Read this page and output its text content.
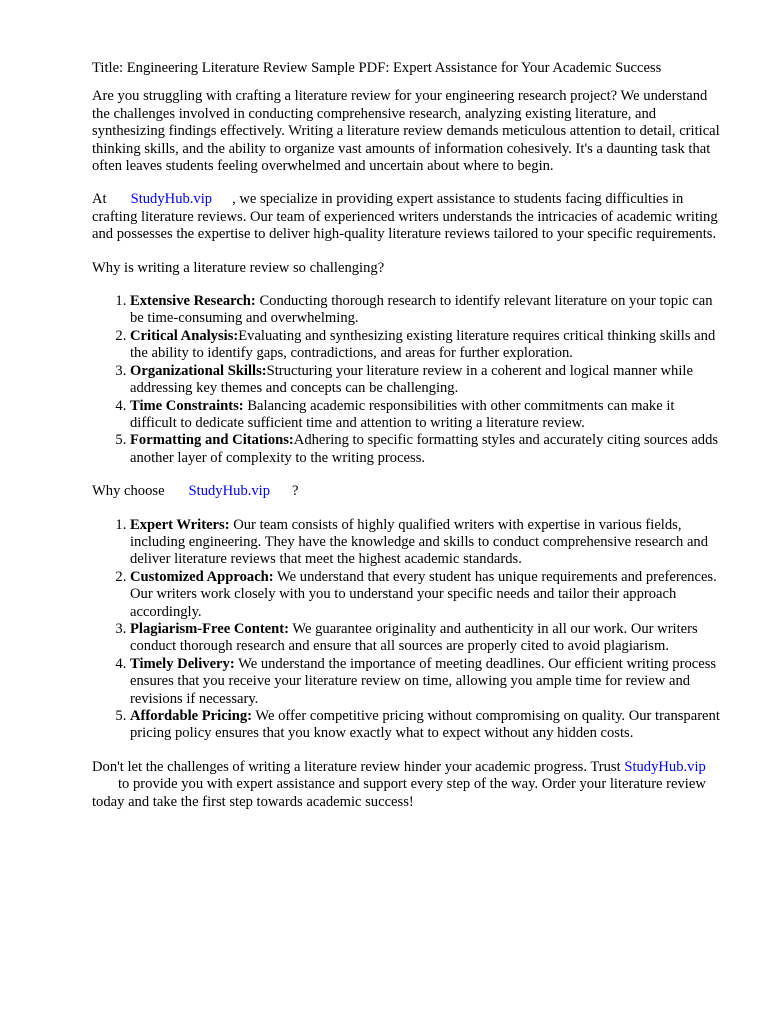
Title: Engineering Literature Review Sample PDF: Expert Assistance for Your Academic Success

Are you struggling with crafting a literature review for your engineering research project? We understand the challenges involved in conducting comprehensive research, analyzing existing literature, and synthesizing findings effectively. Writing a literature review demands meticulous attention to detail, critical thinking skills, and the ability to organize vast amounts of information cohesively. It's a daunting task that often leaves students feeling overwhelmed and uncertain about where to begin.

At StudyHub.vip , we specialize in providing expert assistance to students facing difficulties in crafting literature reviews. Our team of experienced writers understands the intricacies of academic writing and possesses the expertise to deliver high-quality literature reviews tailored to your specific requirements.

Why is writing a literature review so challenging?

1. Extensive Research: Conducting thorough research to identify relevant literature on your topic can be time-consuming and overwhelming.
2. Critical Analysis:Evaluating and synthesizing existing literature requires critical thinking skills and the ability to identify gaps, contradictions, and areas for further exploration.
3. Organizational Skills:Structuring your literature review in a coherent and logical manner while addressing key themes and concepts can be challenging.
4. Time Constraints: Balancing academic responsibilities with other commitments can make it difficult to dedicate sufficient time and attention to writing a literature review.
5. Formatting and Citations:Adhering to specific formatting styles and accurately citing sources adds another layer of complexity to the writing process.

Why choose StudyHub.vip ?

1. Expert Writers: Our team consists of highly qualified writers with expertise in various fields, including engineering. They have the knowledge and skills to conduct comprehensive research and deliver literature reviews that meet the highest academic standards.
2. Customized Approach: We understand that every student has unique requirements and preferences. Our writers work closely with you to understand your specific needs and tailor their approach accordingly.
3. Plagiarism-Free Content: We guarantee originality and authenticity in all our work. Our writers conduct thorough research and ensure that all sources are properly cited to avoid plagiarism.
4. Timely Delivery: We understand the importance of meeting deadlines. Our efficient writing process ensures that you receive your literature review on time, allowing you ample time for review and revisions if necessary.
5. Affordable Pricing: We offer competitive pricing without compromising on quality. Our transparent pricing policy ensures that you know exactly what to expect without any hidden costs.

Don't let the challenges of writing a literature review hinder your academic progress. Trust StudyHub.vipto provide you with expert assistance and support every step of the way. Order your literature review today and take the first step towards academic success!
